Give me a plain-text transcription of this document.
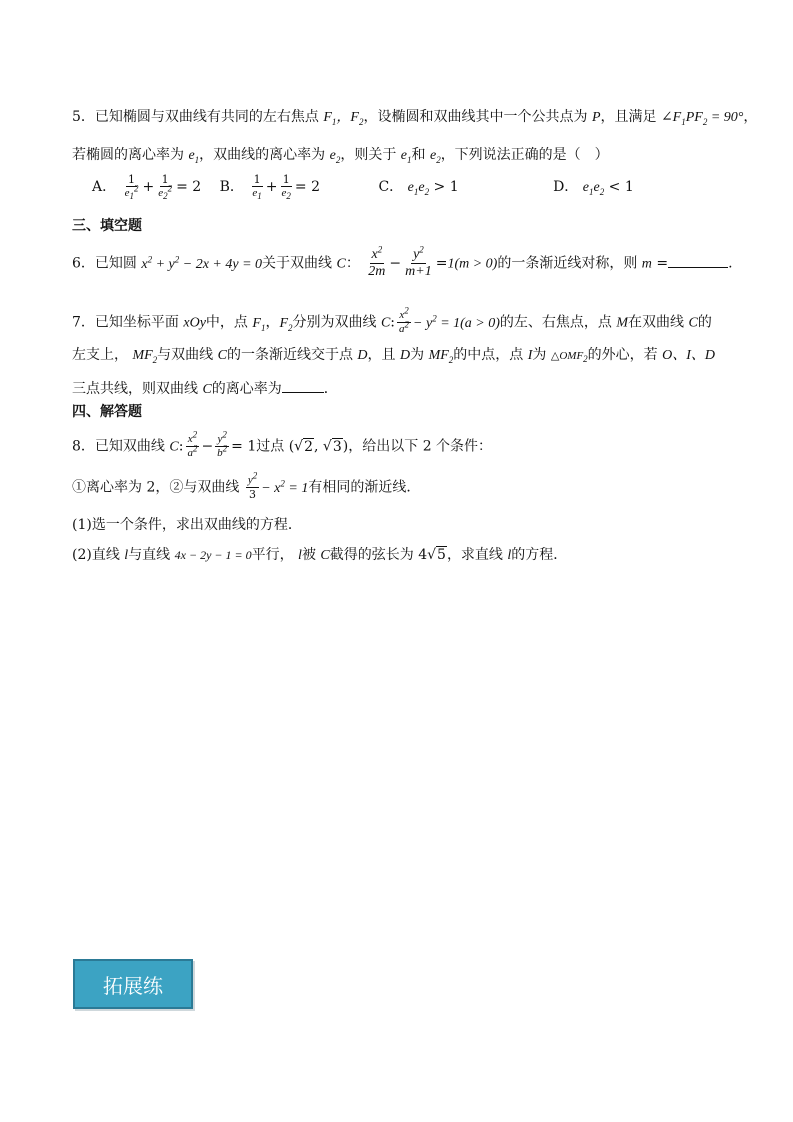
5．已知椭圆与双曲线有共同的左右焦点 $F_1$，$F_2$，设椭圆和双曲线其中一个公共点为 P，且满足 $\angle F_1PF_2 = 90^\circ$，
若椭圆的离心率为 $e_1$，双曲线的离心率为 $e_2$，则关于 $e_1$和 $e_2$，下列说法正确的是（　）
A． $\frac{1}{e_1^2} + \frac{1}{e_2^2} = 2$ B． $\frac{1}{e_1} + \frac{1}{e_2} = 2$	C． $e_1e_2 > 1$	D． $e_1e_2 < 1$
三、填空题
6．已知圆 $x^2 + y^2 - 2x + 4y = 0$关于双曲线 C： $\frac{x^2}{2m} - \frac{y^2}{m+1} =1(m > 0)$的一条渐近线对称，则 m =	.
7．已知坐标平面 xOy中，点 $F_1$，$F_2$分别为双曲线 C: $\frac{x^2}{a^2} - y^2 = 1(a > 0)$的左、右焦点，点 M在双曲线 C的
左支上， $MF_2$与双曲线 C的一条渐近线交于点 D，且 D为 $MF_2$的中点，点 I为 $\triangle OMF_2$的外心，若 O、I、D
三点共线，则双曲线 C的离心率为	．
四、解答题
8．已知双曲线 C: $\frac{x^2}{a^2} - \frac{y^2}{b^2} = 1$过点 (√2, √3)，给出以下 2 个条件：
①离心率为 2，②与双曲线 $\frac{y^2}{3} - x^2 = 1$有相同的渐近线．
(1)选一个条件，求出双曲线的方程．
(2)直线 l与直线 4x − 2y − 1 = 0平行， l被 C截得的弦长为 4√5，求直线 l的方程．
拓展练
